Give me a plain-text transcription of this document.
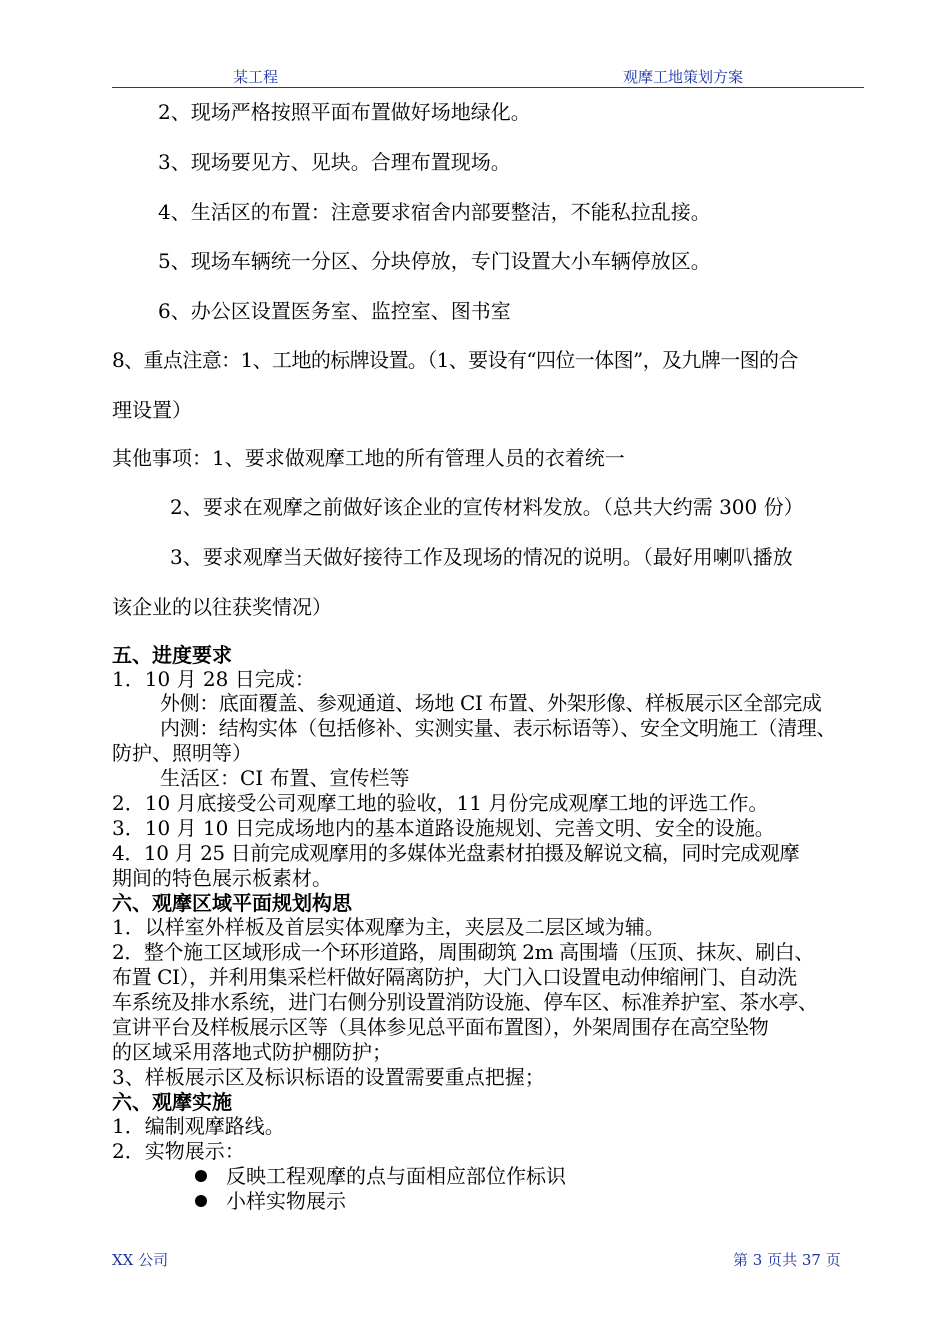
某工程	观摩工地策划方案
2、现场严格按照平面布置做好场地绿化。
3、现场要见方、见块。合理布置现场。
4、生活区的布置：注意要求宿舍内部要整洁，不能私拉乱接。
5、现场车辆统一分区、分块停放，专门设置大小车辆停放区。
6、办公区设置医务室、监控室、图书室
8、重点注意：1、工地的标牌设置。（1、要设有“四位一体图”，及九牌一图的合
理设置）
其他事项：1、要求做观摩工地的所有管理人员的衣着统一
2、要求在观摩之前做好该企业的宣传材料发放。（总共大约需 300 份）
3、要求观摩当天做好接待工作及现场的情况的说明。（最好用喇叭播放
该企业的以往获奖情况）
五、进度要求
1．10 月 28 日完成：
外侧：底面覆盖、参观通道、场地 CI 布置、外架形像、样板展示区全部完成
内测：结构实体（包括修补、实测实量、表示标语等）、安全文明施工（清理、
防护、照明等）
生活区：CI 布置、宣传栏等
2．10 月底接受公司观摩工地的验收，11 月份完成观摩工地的评选工作。
3．10 月 10 日完成场地内的基本道路设施规划、完善文明、安全的设施。
4．10 月 25 日前完成观摩用的多媒体光盘素材拍摄及解说文稿，同时完成观摩
期间的特色展示板素材。
六、观摩区域平面规划构思
1．以样室外样板及首层实体观摩为主，夹层及二层区域为辅。
2．整个施工区域形成一个环形道路，周围砌筑 2m 高围墙（压顶、抹灰、刷白、
布置 CI），并利用集采栏杆做好隔离防护，大门入口设置电动伸缩闸门、自动洗
车系统及排水系统，进门右侧分别设置消防设施、停车区、标准养护室、茶水亭、
宣讲平台及样板展示区等（具体参见总平面布置图），外架周围存在高空坠物
的区域采用落地式防护棚防护；
3、样板展示区及标识标语的设置需要重点把握；
六、观摩实施
1．编制观摩路线。
2．实物展示：
反映工程观摩的点与面相应部位作标识
小样实物展示
XX 公司	第 3 页共 37 页
